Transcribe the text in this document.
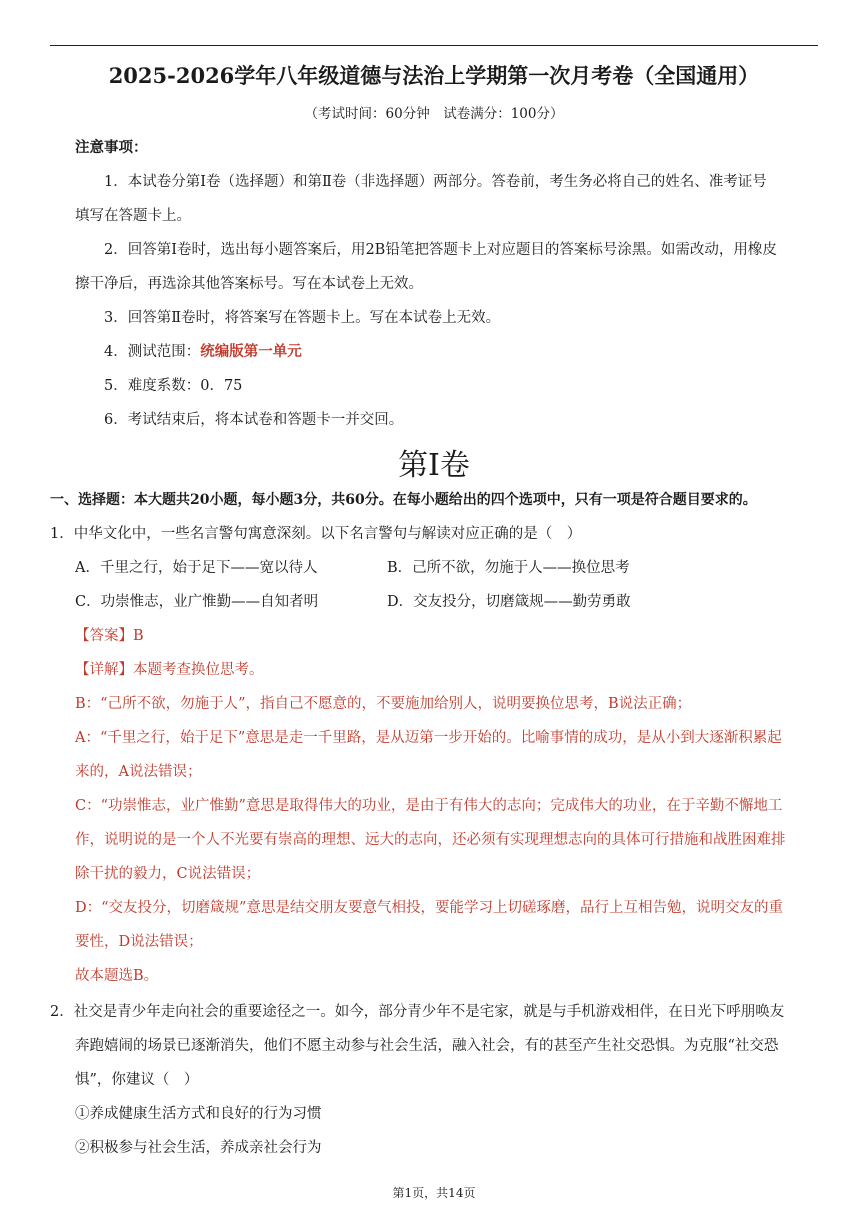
2025-2026学年八年级道德与法治上学期第一次月考卷（全国通用）
（考试时间：60分钟　试卷满分：100分）
注意事项：
1．本试卷分第Ⅰ卷（选择题）和第Ⅱ卷（非选择题）两部分。答卷前，考生务必将自己的姓名、准考证号
填写在答题卡上。
2．回答第Ⅰ卷时，选出每小题答案后，用2B铅笔把答题卡上对应题目的答案标号涂黑。如需改动，用橡皮
擦干净后，再选涂其他答案标号。写在本试卷上无效。
3．回答第Ⅱ卷时，将答案写在答题卡上。写在本试卷上无效。
4．测试范围：统编版第一单元
5．难度系数：0．75
6．考试结束后，将本试卷和答题卡一并交回。
第Ⅰ卷
一、选择题：本大题共20小题，每小题3分，共60分。在每小题给出的四个选项中，只有一项是符合题目要求的。
1．中华文化中，一些名言警句寓意深刻。以下名言警句与解读对应正确的是（　）
A．千里之行，始于足下——宽以待人	B．己所不欲，勿施于人——换位思考
C．功崇惟志，业广惟勤——自知者明	D．交友投分，切磨箴规——勤劳勇敢
【答案】B
【详解】本题考查换位思考。
B：“己所不欲，勿施于人”，指自己不愿意的，不要施加给别人，说明要换位思考，B说法正确；
A：“千里之行，始于足下”意思是走一千里路，是从迈第一步开始的。比喻事情的成功，是从小到大逐渐积累起
来的，A说法错误；
C：“功崇惟志，业广惟勤”意思是取得伟大的功业，是由于有伟大的志向；完成伟大的功业，在于辛勤不懈地工
作，说明说的是一个人不光要有崇高的理想、远大的志向，还必须有实现理想志向的具体可行措施和战胜困难排
除干扰的毅力，C说法错误；
D：“交友投分，切磨箴规”意思是结交朋友要意气相投，要能学习上切磋琢磨，品行上互相告勉，说明交友的重
要性，D说法错误；
故本题选B。
2．社交是青少年走向社会的重要途径之一。如今，部分青少年不是宅家，就是与手机游戏相伴，在日光下呼朋唤友
奔跑嬉闹的场景已逐渐消失，他们不愿主动参与社会生活，融入社会，有的甚至产生社交恐惧。为克服“社交恐
惧”，你建议（　）
①养成健康生活方式和良好的行为习惯
②积极参与社会生活，养成亲社会行为
第1页，共14页
